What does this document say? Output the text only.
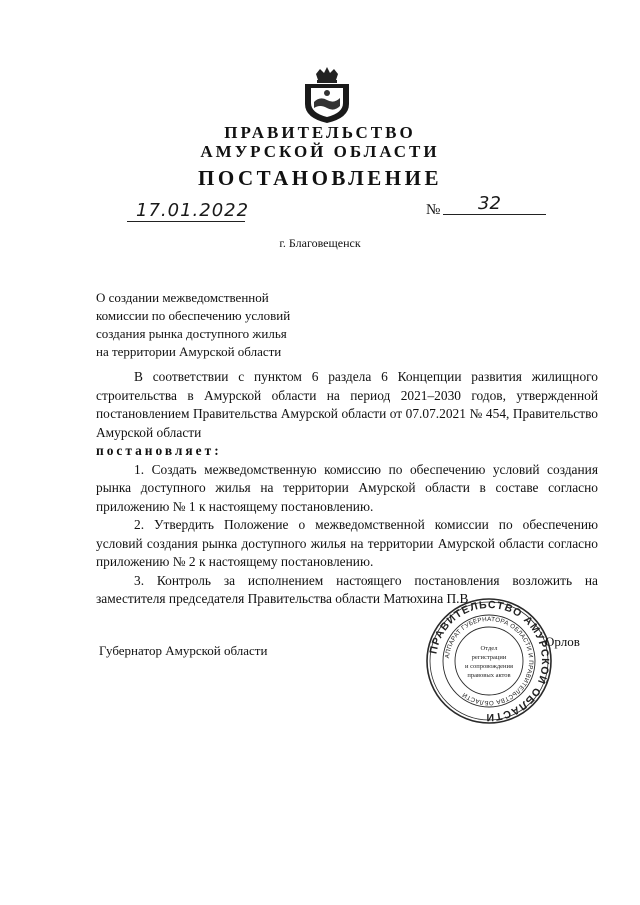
ПРАВИТЕЛЬСТВО
АМУРСКОЙ ОБЛАСТИ
ПОСТАНОВЛЕНИЕ
17.01.2022	№ 32
г. Благовещенск
О создании межведомственной
комиссии по обеспечению условий
создания рынка доступного жилья
на территории Амурской области

В соответствии с пунктом 6 раздела 6 Концепции развития жилищного строительства в Амурской области на период 2021–2030 годов, утвержденной постановлением Правительства Амурской области от 07.07.2021 № 454, Правительство Амурской области

постановляет:

1. Создать межведомственную комиссию по обеспечению условий создания рынка доступного жилья на территории Амурской области в составе согласно приложению № 1 к настоящему постановлению.

2. Утвердить Положение о межведомственной комиссии по обеспечению условий создания рынка доступного жилья на территории Амурской области согласно приложению № 2 к настоящему постановлению.

3. Контроль за исполнением настоящего постановления возложить на заместителя председателя Правительства области Матюхина П.В.

Губернатор Амурской области	ПРАВИТЕЛЬСТВО АМУРСКОЙ ОБЛАСТИ
АППАРАТ ГУБЕРНАТОРА ОБЛАСТИ И ПРАВИТЕЛЬСТВА ОБЛАСТИ
Отдел
регистрации
и сопровождения
правовых актов
Орлов
